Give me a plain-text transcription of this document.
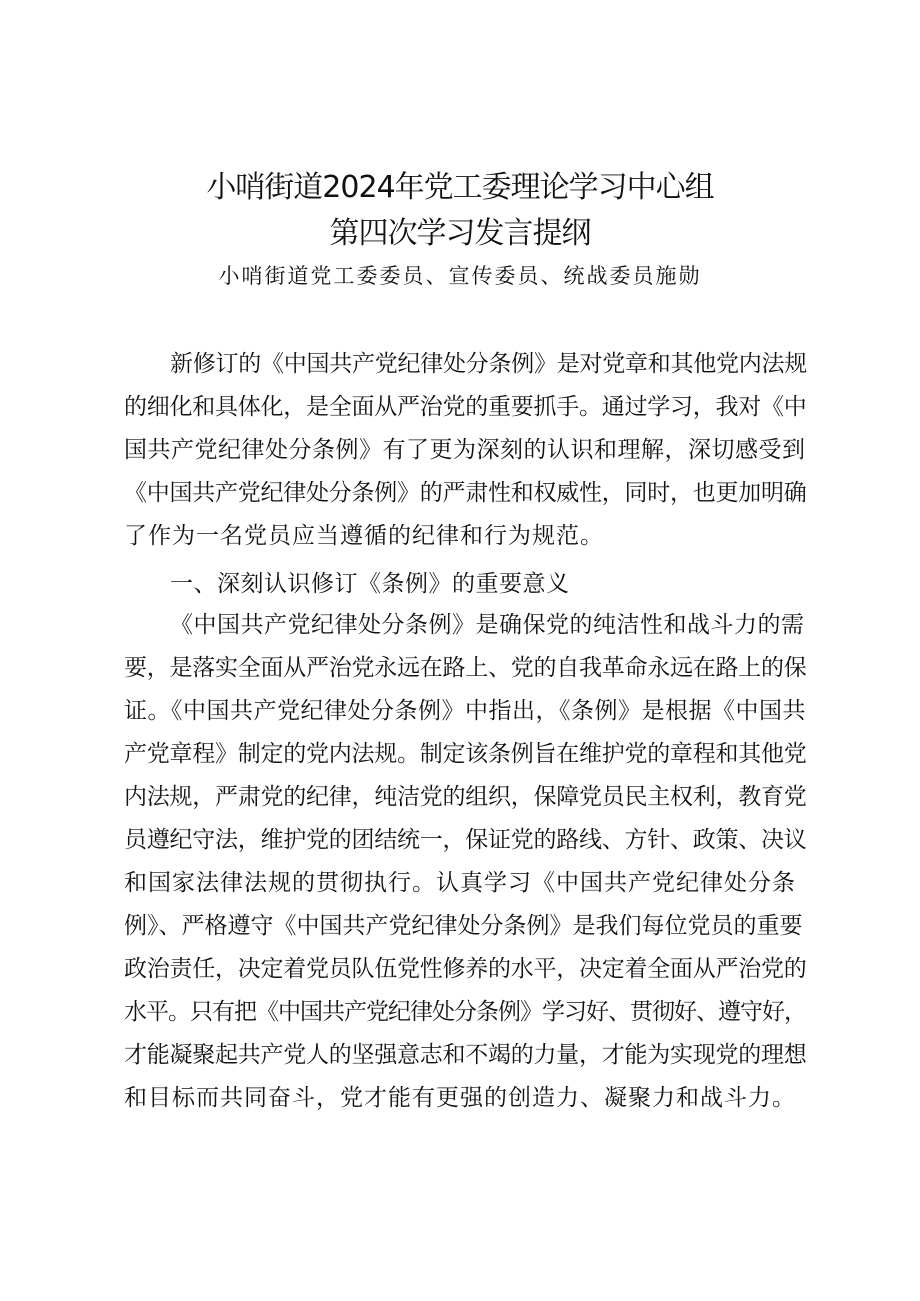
小哨街道2024年党工委理论学习中心组
第四次学习发言提纲
小哨街道党工委委员、宣传委员、统战委员施勋
新修订的《中国共产党纪律处分条例》是对党章和其他党内法规
的细化和具体化，是全面从严治党的重要抓手。通过学习，我对《中
国共产党纪律处分条例》有了更为深刻的认识和理解，深切感受到
《中国共产党纪律处分条例》的严肃性和权威性，同时，也更加明确
了作为一名党员应当遵循的纪律和行为规范。
一、深刻认识修订《条例》的重要意义
《中国共产党纪律处分条例》是确保党的纯洁性和战斗力的需
要，是落实全面从严治党永远在路上、党的自我革命永远在路上的保
证。《中国共产党纪律处分条例》中指出，《条例》是根据《中国共
产党章程》制定的党内法规。制定该条例旨在维护党的章程和其他党
内法规，严肃党的纪律，纯洁党的组织，保障党员民主权利，教育党
员遵纪守法，维护党的团结统一，保证党的路线、方针、政策、决议
和国家法律法规的贯彻执行。认真学习《中国共产党纪律处分条
例》、严格遵守《中国共产党纪律处分条例》是我们每位党员的重要
政治责任，决定着党员队伍党性修养的水平，决定着全面从严治党的
水平。只有把《中国共产党纪律处分条例》学习好、贯彻好、遵守好，
才能凝聚起共产党人的坚强意志和不竭的力量，才能为实现党的理想
和目标而共同奋斗，党才能有更强的创造力、凝聚力和战斗力。
